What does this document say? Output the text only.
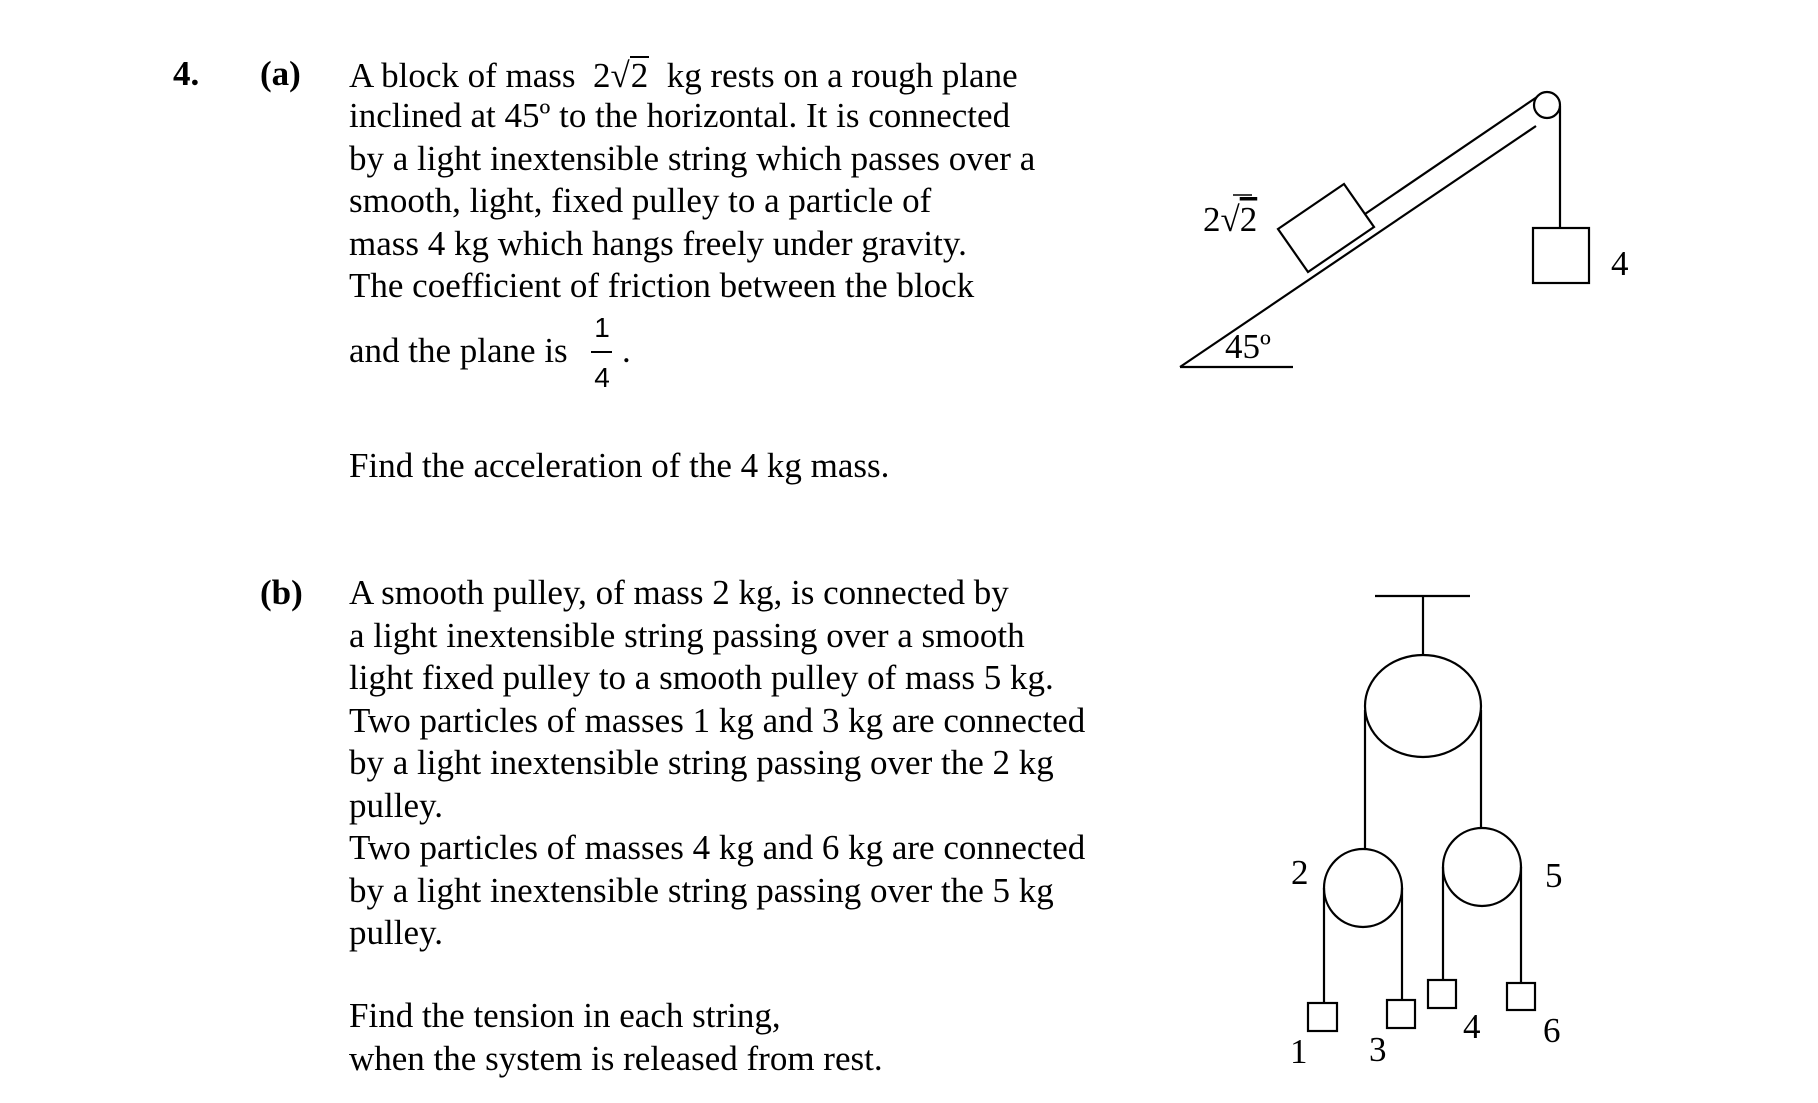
4. (a) A block of mass 2√2 kg rests on a rough plane
inclined at 45º to the horizontal. It is connected
by a light inextensible string which passes over a
smooth, light, fixed pulley to a particle of
mass 4 kg which hangs freely under gravity.
The coefficient of friction between the block
and the plane is
1
4
.
Find the acceleration of the 4 kg mass.
(b) A smooth pulley, of mass 2 kg, is connected by
a light inextensible string passing over a smooth
light fixed pulley to a smooth pulley of mass 5 kg.
Two particles of masses 1 kg and 3 kg are connected
by a light inextensible string passing over the 2 kg
pulley.
Two particles of masses 4 kg and 6 kg are connected
by a light inextensible string passing over the 5 kg
pulley.
Find the tension in each string,
when the system is released from rest.
2√2
45º
4
2	5
1 3
4 6
